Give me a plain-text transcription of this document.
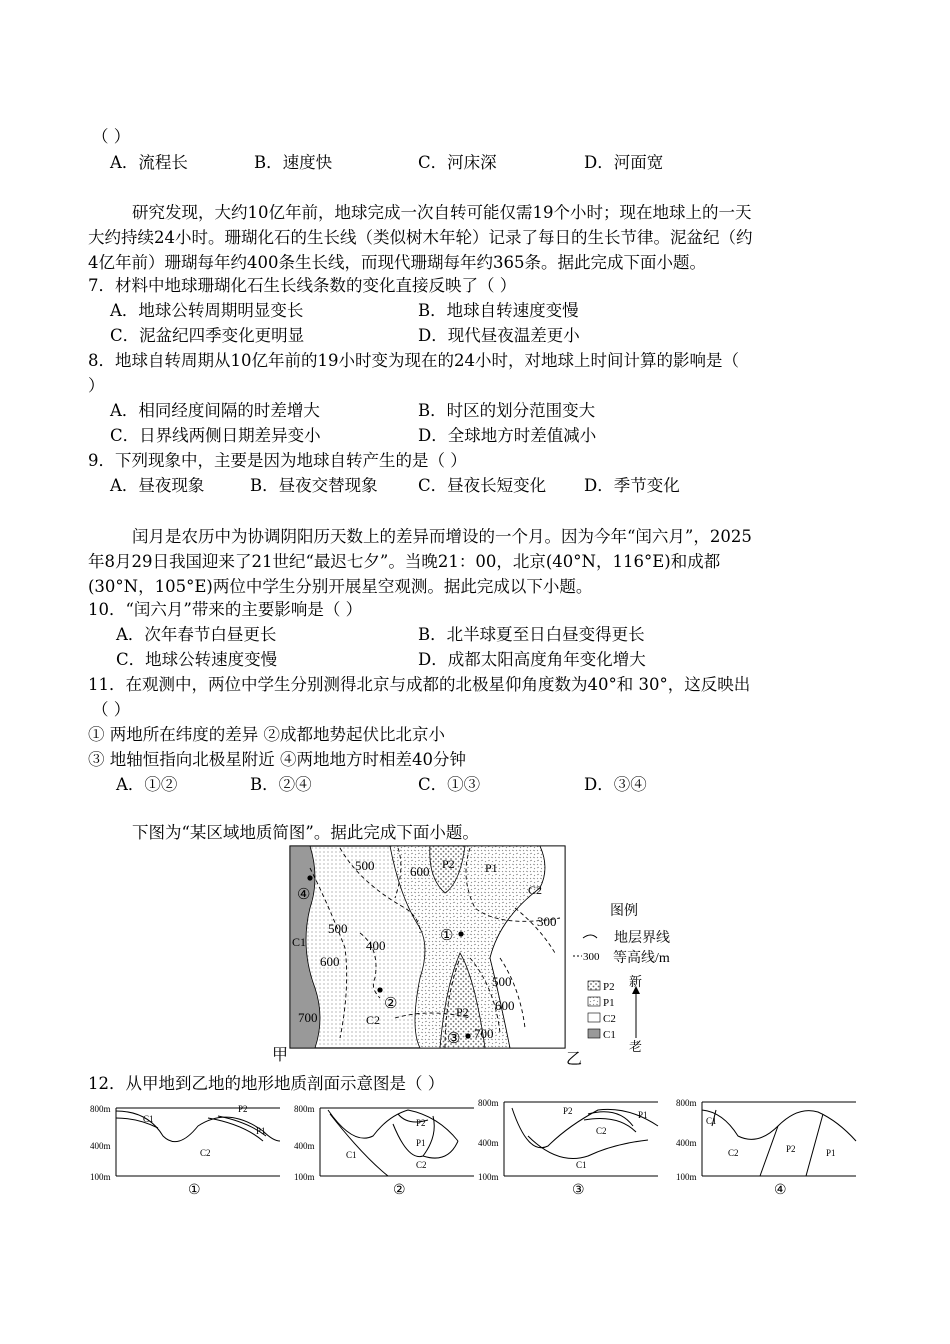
（ ）
A．流程长	B．速度快	C．河床深	D．河面宽

研究发现，大约10亿年前，地球完成一次自转可能仅需19个小时；现在地球上的一天

大约持续24小时。珊瑚化石的生长线（类似树木年轮）记录了每日的生长节律。泥盆纪（约

4亿年前）珊瑚每年约400条生长线，而现代珊瑚每年约365条。据此完成下面小题。

7．材料中地球珊瑚化石生长线条数的变化直接反映了（ ）
A．地球公转周期明显变长	B．地球自转速度变慢
C．泥盆纪四季变化更明显	D．现代昼夜温差更小
8．地球自转周期从10亿年前的19小时变为现在的24小时，对地球上时间计算的影响是（
）
A．相同经度间隔的时差增大	B．时区的划分范围变大
C．日界线两侧日期差异变小	D．全球地方时差值减小
9．下列现象中，主要是因为地球自转产生的是（ ）
A．昼夜现象	B．昼夜交替现象 C．昼夜长短变化 D．季节变化

闰月是农历中为协调阴阳历天数上的差异而增设的一个月。因为今年“闰六月”，2025

年8月29日我国迎来了21世纪“最迟七夕”。当晚21：00，北京(40°N，116°E)和成都

(30°N，105°E)两位中学生分别开展星空观测。据此完成以下小题。

10．“闰六月”带来的主要影响是（ ）
A．次年春节白昼更长	B．北半球夏至日白昼变得更长
C．地球公转速度变慢	D．成都太阳高度角年变化增大
11．在观测中，两位中学生分别测得北京与成都的北极星仰角度数为40°和 30°，这反映出
（ ）
① 两地所在纬度的差异 ②成都地势起伏比北京小
③ 地轴恒指向北极星附近 ④两地地方时相差40分钟
A．①②	B．②④	C．①③	D．③④
下图为“某区域地质简图”。据此完成下面小题。
500	600
500
600
400
300
500
600
700
700
P2	P1
C2
C1
P2
C2
④
①
②
③
甲	乙
图例
地层界线
300 等高线/m
P2
P1
C2
C1
新
老
12．从甲地到乙地的地形地质剖面示意图是（ ）
800m
400m
100m
C1
P2
P1
C2
①
800m
400m
100m
P2
P1
C1
C2
②
800m
400m
100m
P2	P1
C2
C1
③
800m
400m
100m
C1
C2	P2	P1
④
